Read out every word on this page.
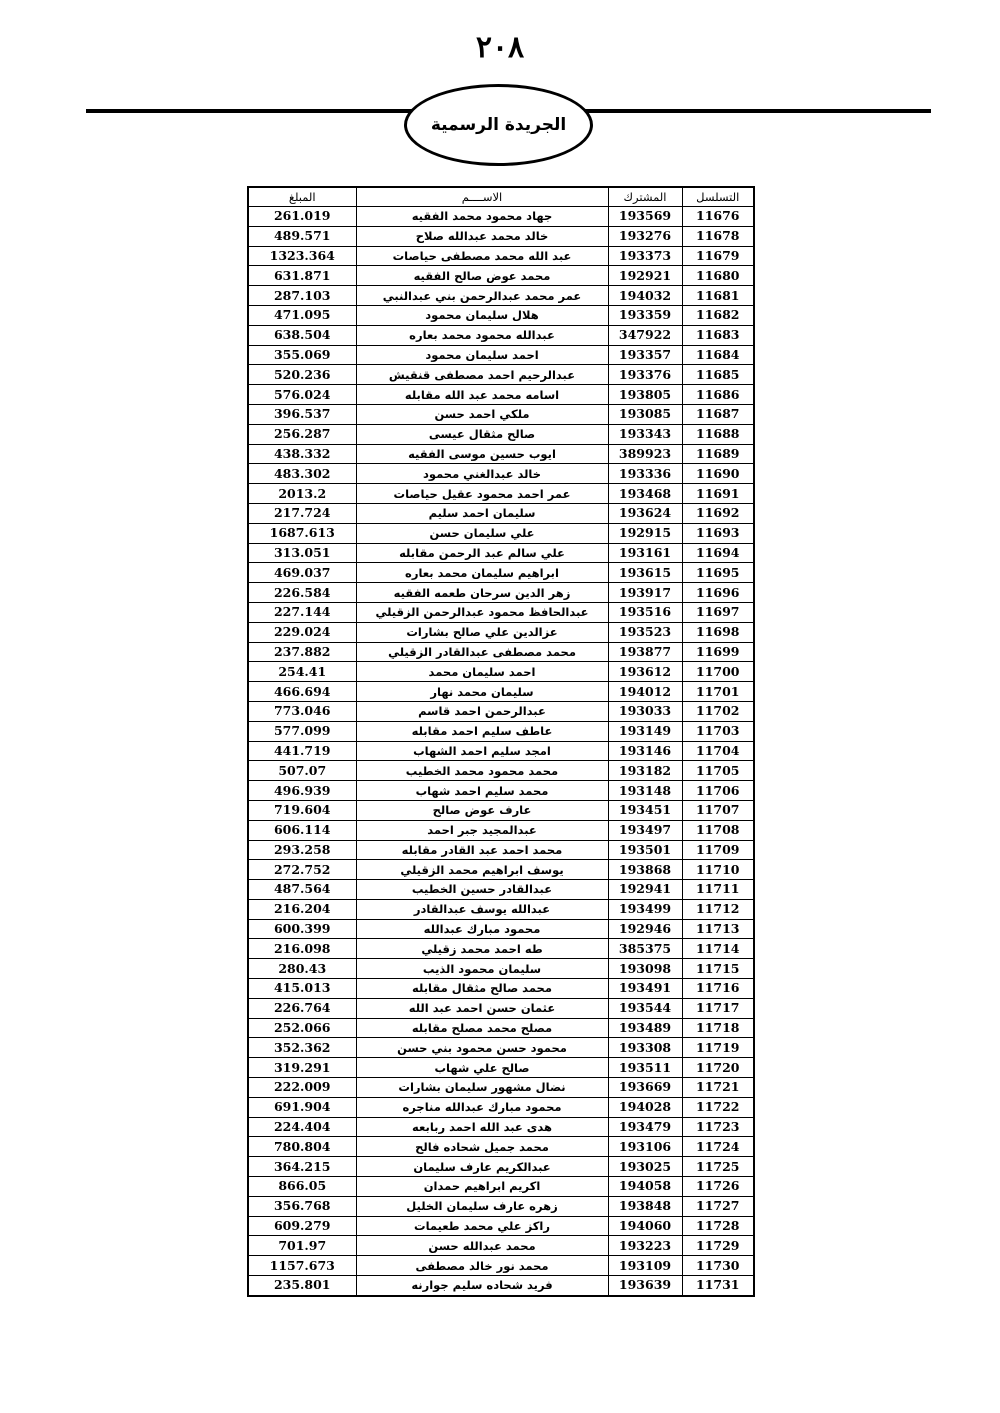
٢٠٨
الجريدة الرسمية
التسلسل	المشترك	الاســــم	المبلغ
11676	193569	جهاد محمود محمد الفقيه	261.019
11678	193276	خالد محمد عبدالله صلاح	489.571
11679	193373	عبد الله محمد مصطفى حياصات	1323.364
11680	192921	محمد عوض صالح الفقيه	631.871
11681	194032	عمر محمد عبدالرحمن بني عبدالنبي	287.103
11682	193359	هلال سليمان محمود	471.095
11683	347922	عبدالله محمود محمد بعاره	638.504
11684	193357	احمد سليمان محمود	355.069
11685	193376	عبدالرحيم احمد مصطفى قنقيش	520.236
11686	193805	اسامه محمد عبد الله مقابله	576.024
11687	193085	ملكي احمد حسن	396.537
11688	193343	صالح مثقال عيسى	256.287
11689	389923	ايوب حسين موسى الفقيه	438.332
11690	193336	خالد عبدالغني محمود	483.302
11691	193468	عمر احمد محمود عقيل حياصات	2013.2
11692	193624	سليمان احمد سليم	217.724
11693	192915	علي سليمان حسن	1687.613
11694	193161	علي سالم عبد الرحمن مقابله	313.051
11695	193615	ابراهيم سليمان محمد بعاره	469.037
11696	193917	زهر الدين سرحان طعمه الفقيه	226.584
11697	193516	عبدالحافظ محمود عبدالرحمن الزقيلي	227.144
11698	193523	عزالدين علي صالح بشارات	229.024
11699	193877	محمد مصطفى عبدالقادر الزقيلي	237.882
11700	193612	احمد سليمان محمد	254.41
11701	194012	سليمان محمد نهار	466.694
11702	193033	عبدالرحمن احمد قاسم	773.046
11703	193149	عاطف سليم احمد مقابله	577.099
11704	193146	امجد سليم احمد الشهاب	441.719
11705	193182	محمد محمود محمد الخطيب	507.07
11706	193148	محمد سليم احمد شهاب	496.939
11707	193451	عارف عوض صالح	719.604
11708	193497	عبدالمجيد جبر احمد	606.114
11709	193501	محمد احمد عبد القادر مقابله	293.258
11710	193868	يوسف ابراهيم محمد الزقيلي	272.752
11711	192941	عبدالقادر حسين الخطيب	487.564
11712	193499	عبدالله يوسف عبدالقادر	216.204
11713	192946	محمود مبارك عبدالله	600.399
11714	385375	طه احمد محمد زقيلي	216.098
11715	193098	سليمان محمود الذيب	280.43
11716	193491	محمد صالح مثقال مقابله	415.013
11717	193544	عثمان حسن احمد عبد الله	226.764
11718	193489	مصلح محمد مصلح مقابله	252.066
11719	193308	محمود حسن محمود بني حسن	352.362
11720	193511	صالح علي شهاب	319.291
11721	193669	نضال مشهور سليمان بشارات	222.009
11722	194028	محمود مبارك عبدالله مناجره	691.904
11723	193479	هدى عبد الله احمد ربابعه	224.404
11724	193106	محمد جميل شحاده فالح	780.804
11725	193025	عبدالكريم عارف سليمان	364.215
11726	194058	اكريم ابراهيم حمدان	866.05
11727	193848	زهره عارف سليمان الخليل	356.768
11728	194060	راكز علي محمد طعيمات	609.279
11729	193223	محمد عبدالله حسن	701.97
11730	193109	محمد نور خالد مصطفى	1157.673
11731	193639	فريد شحاده سليم جوارنه	235.801
